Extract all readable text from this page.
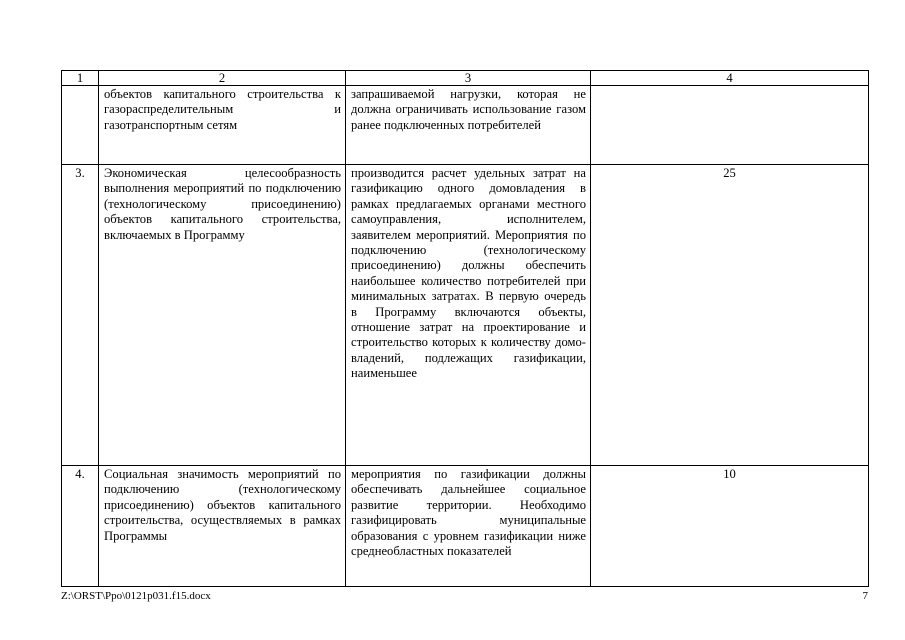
1	2	3	4
	объектов капитального строительства к газораспределительным и газотранспортным сетям	запрашиваемой нагрузки, которая не должна ограничивать использование газом ранее подключенных потребителей	
3.	Экономическая целесообразность выполнения мероприятий по подключению (технологическому присоединению) объектов капитального строительства, включаемых в Программу	производится расчет удельных затрат на газификацию одного домовладения в рамках предлагаемых органами местного самоуправления, исполнителем, заявителем мероприятий. Мероприятия по подключению (технологическому присоединению) должны обеспечить наибольшее количество потребителей при минимальных затратах. В первую очередь в Программу включаются объекты, отношение затрат на проектирование и строительство которых к количеству домовладений, подлежащих газификации, наименьшее	25
4.	Социальная значимость мероприятий по подключению (технологическому присоединению) объектов капитального строительства, осуществляемых в рамках Программы	мероприятия по газификации должны обеспечивать дальнейшее социальное развитие территории. Необходимо газифицировать муниципальные образования с уровнем газификации ниже среднеобластных показателей	10
Z:\ORST\Ppo\0121p031.f15.docx	7
